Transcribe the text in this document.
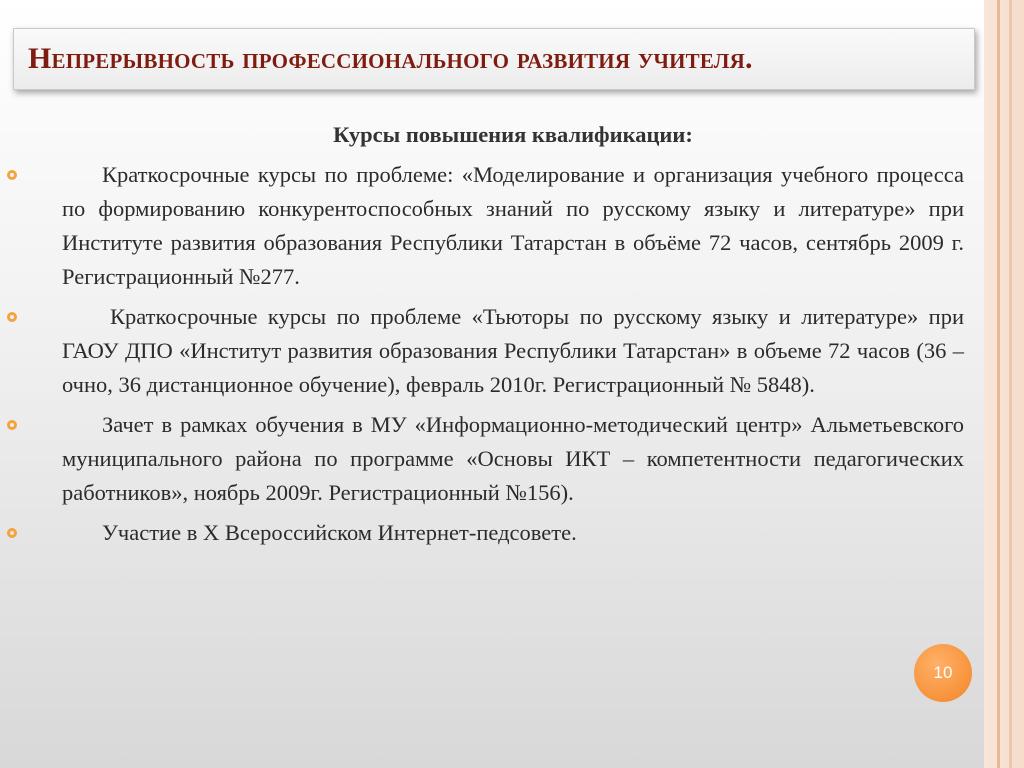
Непрерывность профессионального развития учителя.
Курсы повышения квалификации:
Краткосрочные курсы по проблеме: «Моделирование и организация учебного процесса по формированию конкурентоспособных знаний по русскому языку и литературе» при Институте развития образования Республики Татарстан в объёме 72 часов, сентябрь 2009 г. Регистрационный №277.
Краткосрочные курсы по проблеме «Тьюторы по русскому языку и литературе» при ГАОУ ДПО «Институт развития образования Республики Татарстан» в объеме 72 часов (36 – очно, 36 дистанционное обучение), февраль 2010г. Регистрационный № 5848).
Зачет в рамках обучения в МУ «Информационно-методический центр» Альметьевского муниципального района по программе «Основы ИКТ – компетентности педагогических работников», ноябрь 2009г. Регистрационный №156).
Участие в Х Всероссийском Интернет-педсовете.
10
